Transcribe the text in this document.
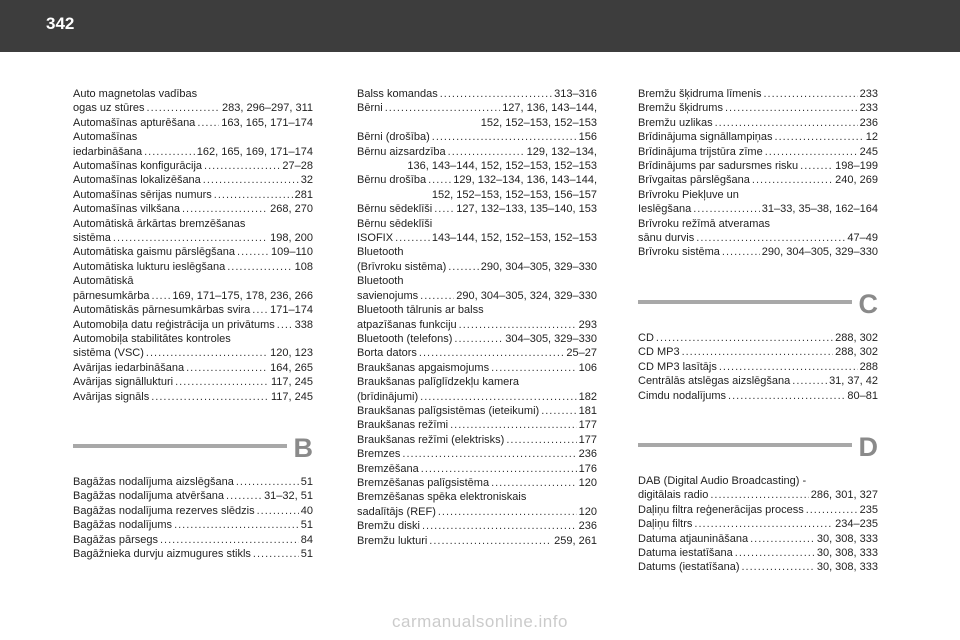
342
Auto magnetolas vadības
ogas uz stūres .....	283, 296–297, 311
Automašīnas apturēšana ..... 163, 165, 171–174
Automašīnas
iedarbināšana .....	162, 165, 169, 171–174
Automašīnas konfigurācija .....	27–28
Automašīnas lokalizēšana .....	32
Automašīnas sērijas numurs .....	281
Automašīnas vilkšana .....	268, 270
Automātiskā ārkārtas bremzēšanas
sistēma .....	198, 200
Automātiska gaismu pārslēgšana .....	109–110
Automātiska lukturu ieslēgšana .....	108
Automātiskā
pārnesumkārba ..... 169, 171–175, 178, 236, 266
Automātiskās pārnesumkārbas svira ..... 171–174
Automobiļa datu reģistrācija un privātums ..... 338
Automobiļa stabilitātes kontroles
sistēma (VSC) .....	120, 123
Avārijas iedarbināšana .....	164, 265
Avārijas signāllukturi .....	117, 245
Avārijas signāls .....	117, 245
B
Bagāžas nodalījuma aizslēgšana .....	51
Bagāžas nodalījuma atvēršana .....	31–32, 51
Bagāžas nodalījuma rezerves slēdzis .....	40
Bagāžas nodalījums .....	51
Bagāžas pārsegs .....	84
Bagāžnieka durvju aizmugures stikls .....	51
Balss komandas .....	313–316
Bērni .....	127, 136, 143–144,
152, 152–153, 152–153
Bērni (drošība) .....	156
Bērnu aizsardzība .....	129, 132–134,
136, 143–144, 152, 152–153, 152–153
Bērnu drošība ..... 129, 132–134, 136, 143–144,
152, 152–153, 152–153, 156–157
Bērnu sēdeklīši ..... 127, 132–133, 135–140, 153
Bērnu sēdeklīši
ISOFIX .....	143–144, 152, 152–153, 152–153
Bluetooth
(Brīvroku sistēma) .....	290, 304–305, 329–330
Bluetooth
savienojums .....	290, 304–305, 324, 329–330
Bluetooth tālrunis ar balss
atpazīšanas funkciju .....	293
Bluetooth (telefons) .....	304–305, 329–330
Borta dators .....	25–27
Braukšanas apgaismojums .....	106
Braukšanas palīglīdzekļu kamera
(brīdinājumi) .....	182
Braukšanas palīgsistēmas (ieteikumi) .....	181
Braukšanas režīmi .....	177
Braukšanas režīmi (elektrisks) .....	177
Bremzes .....	236
Bremzēšana .....	176
Bremzēšanas palīgsistēma .....	120
Bremzēšanas spēka elektroniskais
sadalītājs (REF) .....	120
Bremžu diski .....	236
Bremžu lukturi .....	259, 261
Bremžu šķidruma līmenis .....	233
Bremžu šķidrums .....	233
Bremžu uzlikas .....	236
Brīdinājuma signāllampiņas .....	12
Brīdinājuma trijstūra zīme .....	245
Brīdinājums par sadursmes risku .....	198–199
Brīvgaitas pārslēgšana .....	240, 269
Brīvroku Piekļuve un
Ieslēgšana .....	31–33, 35–38, 162–164
Brīvroku režīmā atveramas
sānu durvis .....	47–49
Brīvroku sistēma .....	290, 304–305, 329–330
C
CD .....	288, 302
CD MP3 .....	288, 302
CD MP3 lasītājs .....	288
Centrālās atslēgas aizslēgšana .....	31, 37, 42
Cimdu nodalījums .....	80–81
D
DAB (Digital Audio Broadcasting) -
digitālais radio .....	286, 301, 327
Daļiņu filtra reģenerācijas process .....	235
Daļiņu filtrs .....	234–235
Datuma atjaunināšana .....	30, 308, 333
Datuma iestatīšana .....	30, 308, 333
Datums (iestatīšana) .....	30, 308, 333
carmanualsonline.info
